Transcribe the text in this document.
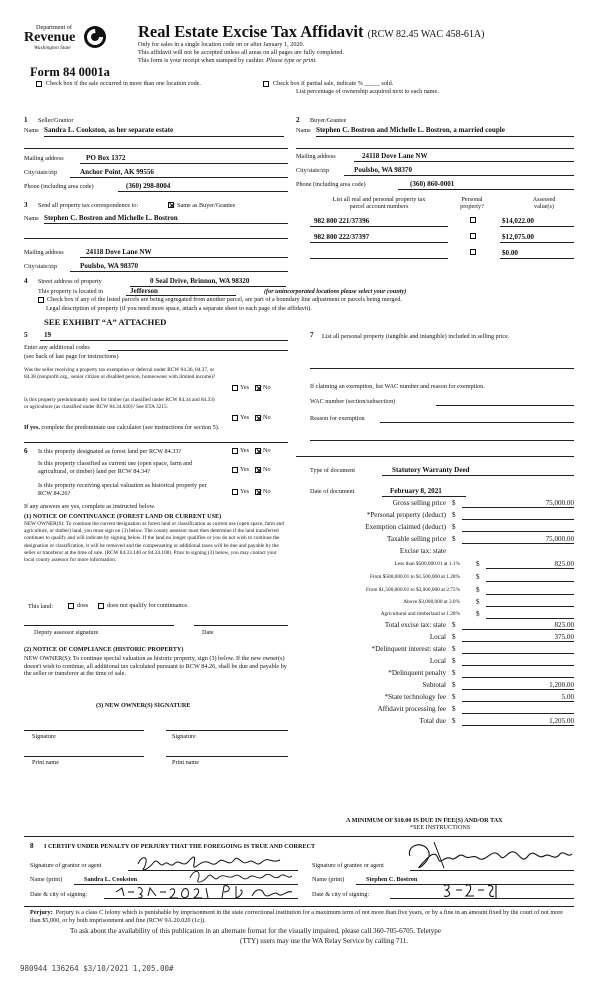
Department of
Revenue
Washington State
Real Estate Excise Tax Affidavit (RCW 82.45 WAC 458-61A)
Only for sales in a single location code on or after January 1, 2020.
This affidavit will not be accepted unless all areas on all pages are fully completed.
This form is your receipt when stamped by cashier. Please type or print.
Form 84 0001a
Check box if the sale occurred in more than one location code.	Check box if partial sale, indicate % _____ sold.
List percentage of ownership acquired next to each name.
1 Seller/Grantor
Name Sandra L. Cookston, as her separate estate
2 Buyer/Grantee
Name Stephen C. Bostron and Michelle L. Bostron, a married couple
Mailing address	PO Box 1372
City/state/zip	Anchor Point, AK 99556
Phone (including area code)	(360) 298-8004
Mailing address	24118 Dove Lane NW
City/state/zip	Poulsbo, WA 98370
Phone (including area code)	(360) 860-0001
3 Send all property tax correspondence to:	Same as Buyer/Grantee
Name Stephen C. Bostron and Michelle L. Bostron
Mailing address	24118 Dove Lane NW
City/state/zip	Poulsbo, WA 98370
List all real and personal property tax
parcel account numbers
Personal
property?
Assessed
value(s)
982 800 221/37396	$14,022.00
982 800 222/37397	$12,075.00
$0.00
4 Street address of property	0 Seal Drive, Brinnon, WA 98320
This property is located in	Jefferson	(for unincorporated locations please select your county)
Check box if any of the listed parcels are being segregated from another parcel, are part of a boundary line adjustment or parcels being merged.
Legal description of property (if you need more space, attach a separate sheet to each page of the affidavit).
SEE EXHIBIT “A” ATTACHED
5 19
Enter any additional codes
(see back of last page for instructions)
Was the seller receiving a property tax exemption or deferral under RCW 84.36, 84.37, or 84.38 (nonprofit org., senior citizen or disabled person, homeowner with limited income)?
Yes No
Is this property predominantly used for timber (as classified under RCW 84.34 and 84.33) or agriculture (as classified under RCW 84.34.020)? See ETA 3215.
Yes No
If yes, complete the predominate use calculator (see instructions for section 5).
6 Is this property designated as forest land per RCW 84.33?	Yes No
Is this property classified as current use (open space, farm and agricultural, or timber) land per RCW 84.34?	Yes No
Is this property receiving special valuation as historical property per RCW 84.26?	Yes No
If any answers are yes, complete as instructed below.
(1) NOTICE OF CONTINUANCE (FOREST LAND OR CURRENT USE)
NEW OWNER(S): To continue the current designation as forest land or classification as current use (open space, farm and agriculture, or timber) land, you must sign on (3) below. The county assessor must then determine if the land transferred continues to qualify and will indicate by signing below. If the land no longer qualifies or you do not wish to continue the designation or classification, it will be removed and the compensating or additional taxes will be due and payable by the seller or transferor at the time of sale. (RCW 84.33.140 or 84.34.108). Prior to signing (3) below, you may contact your local county assessor for more information.
This land:	does	does not qualify for continuance.
Deputy assessor signature	Date
(2) NOTICE OF COMPLIANCE (HISTORIC PROPERTY)
NEW OWNER(S): To continue special valuation as historic property, sign (3) below. If the new owner(s) doesn't wish to continue, all additional tax calculated pursuant to RCW 84.26, shall be due and payable by the seller or transferor at the time of sale.
(3) NEW OWNER(S) SIGNATURE
Signature	Signature
Print name	Print name
7	List all personal property (tangible and intangible) included in selling price.
If claiming an exemption, list WAC number and reason for exemption.
WAC number (section/subsection)
Reason for exemption
Type of document	Statutory Warranty Deed
Date of document	February 8, 2021
Gross selling price $	75,000.00
*Personal property (deduct) $
Exemption claimed (deduct) $
Taxable selling price $	75,000.00
Excise tax: state
Less than $500,000.01 at 1.1% $	825.00
From $500,000.01 to $1,500,000 at 1.28% $
From $1,500,000.01 to $3,000,000 at 2.75% $
Above $3,000,000 at 3.0% $
Agricultural and timberland at 1.28% $
Total excise tax: state $	825.00
Local $	375.00
*Delinquent interest: state $
Local $
*Delinquent penalty $
Subtotal $	1,200.00
*State technology fee $	5.00
Affidavit processing fee $
Total due $	1,205.00
A MINIMUM OF $10.00 IS DUE IN FEE(S) AND/OR TAX
*SEE INSTRUCTIONS
8 I CERTIFY UNDER PENALTY OF PERJURY THAT THE FOREGOING IS TRUE AND CORRECT
Signature of grantor or agent	Signature of grantee or agent
Name (print)	Sandra L. Cookston	Name (print)	Stephen C. Bostron
Date & city of signing:	Date & city of signing:
Perjury: Perjury is a class C felony which is punishable by imprisonment in the state correctional institution for a maximum term of not more than five years, or by a fine in an amount fixed by the court of not more than $5,000, or by both imprisonment and fine (RCW 9A.20.020 (1c)).
To ask about the availability of this publication in an alternate format for the visually impaired, please call 360-705-6705. Teletype
(TTY) users may use the WA Relay Service by calling 711.
980944 136264 $3/10/2021 1,205.00#
